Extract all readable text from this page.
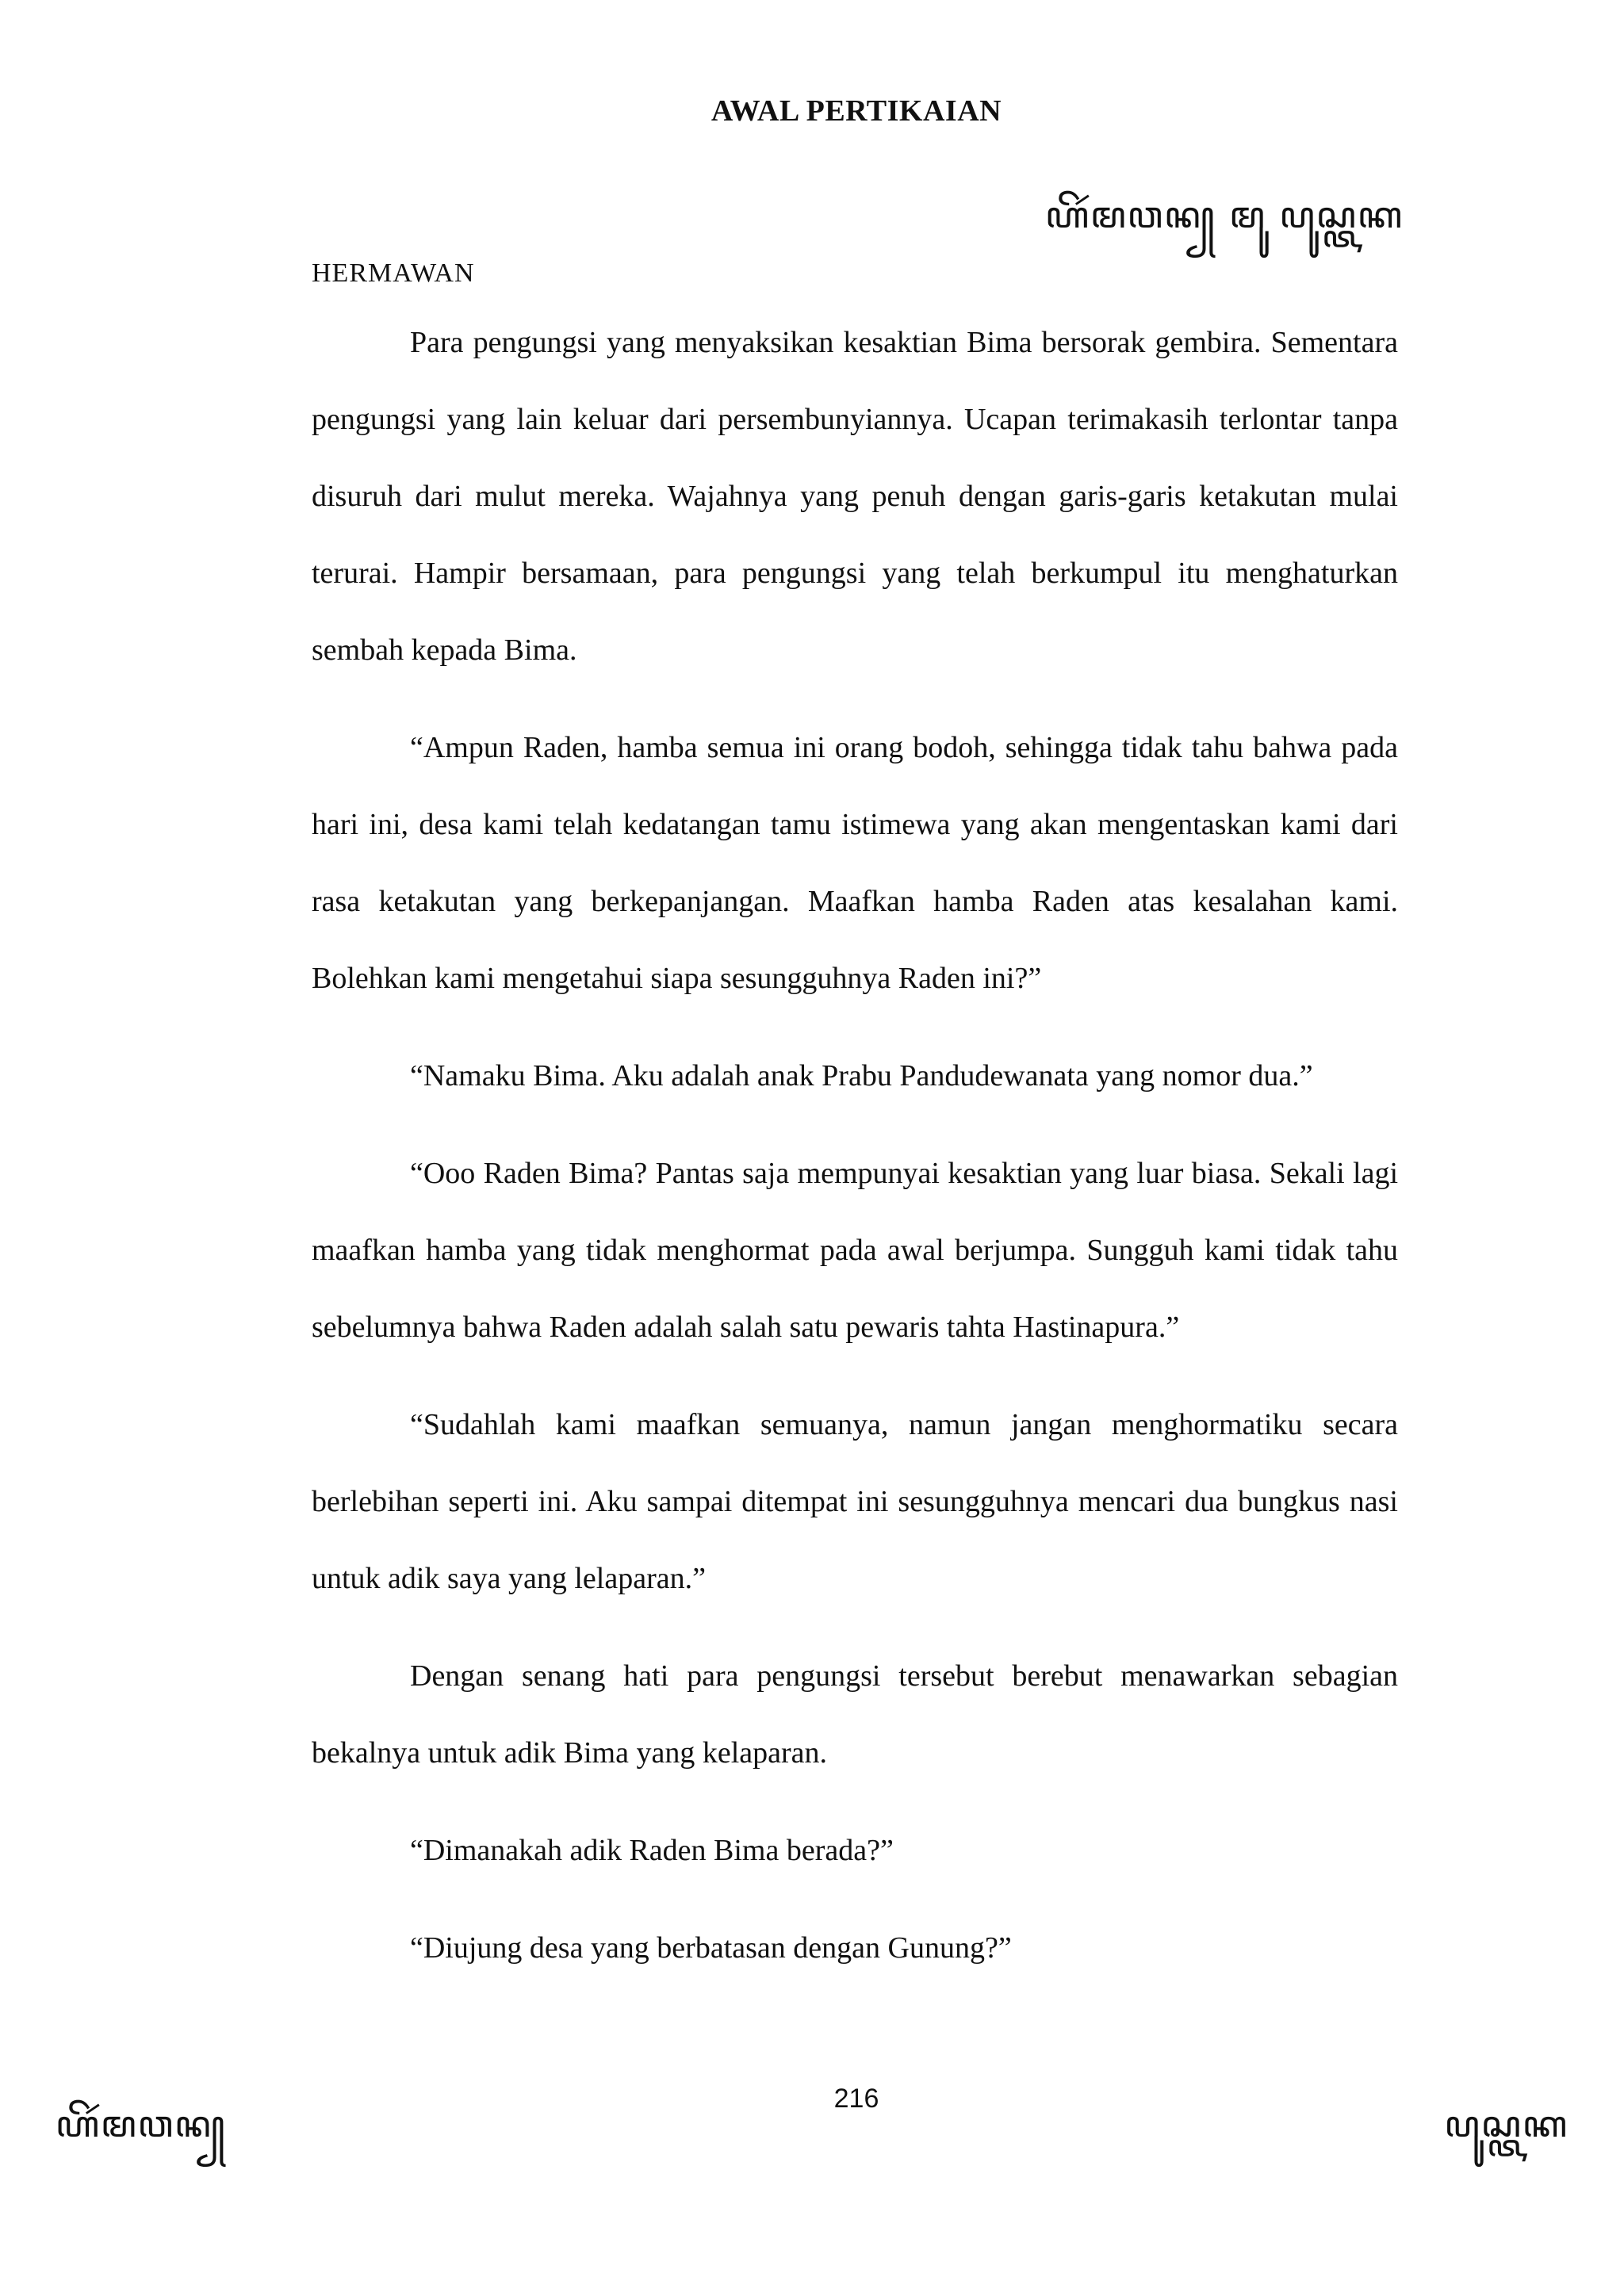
AWAL PERTIKAIAN
ꦲꦼꦂꦩꦮꦤ꧀ ꦩꦸ ꦥꦸꦱ꧀ꦠꦏ
HERMAWAN

Para pengungsi yang menyaksikan kesaktian Bima bersorak gembira. Sementara pengungsi yang lain keluar dari persembunyiannya. Ucapan terimakasih terlontar tanpa disuruh dari mulut mereka. Wajahnya yang penuh dengan garis-garis ketakutan mulai terurai. Hampir bersamaan, para pengungsi yang telah berkumpul itu menghaturkan sembah kepada Bima.

“Ampun Raden, hamba semua ini orang bodoh, sehingga tidak tahu bahwa pada hari ini, desa kami telah kedatangan tamu istimewa yang akan mengentaskan kami dari rasa ketakutan yang berkepanjangan. Maafkan hamba Raden atas kesalahan kami. Bolehkan kami mengetahui siapa sesungguhnya Raden ini?”

“Namaku Bima. Aku adalah anak Prabu Pandudewanata yang nomor dua.”

“Ooo Raden Bima? Pantas saja mempunyai kesaktian yang luar biasa. Sekali lagi maafkan hamba yang tidak menghormat pada awal berjumpa. Sungguh kami tidak tahu sebelumnya bahwa Raden adalah salah satu pewaris tahta Hastinapura.”

“Sudahlah kami maafkan semuanya, namun jangan menghormatiku secara berlebihan seperti ini. Aku sampai ditempat ini sesungguhnya mencari dua bungkus nasi untuk adik saya yang lelaparan.”

Dengan senang hati para pengungsi tersebut berebut menawarkan sebagian bekalnya untuk adik Bima yang kelaparan.

“Dimanakah adik Raden Bima berada?”

“Diujung desa yang berbatasan dengan Gunung?”

216
ꦲꦼꦂꦩꦮꦤ꧀	ꦥꦸꦱ꧀ꦠꦏ
